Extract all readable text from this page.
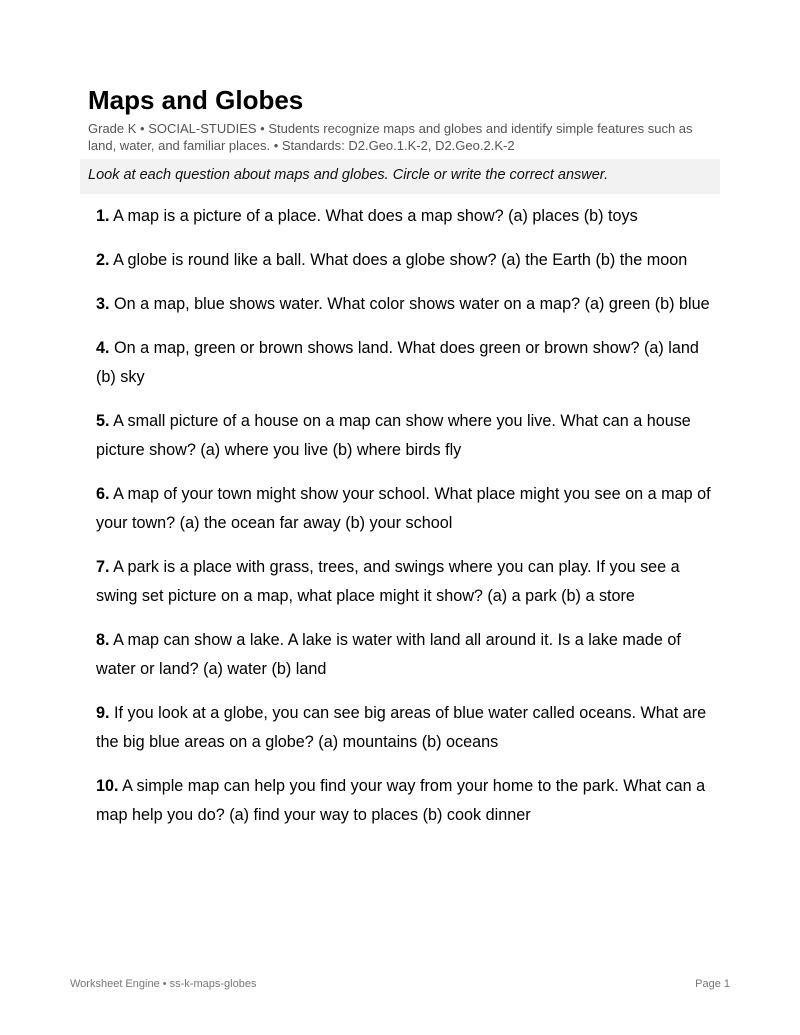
Maps and Globes
Grade K • SOCIAL-STUDIES • Students recognize maps and globes and identify simple features such as land, water, and familiar places. • Standards: D2.Geo.1.K-2, D2.Geo.2.K-2
Look at each question about maps and globes. Circle or write the correct answer.
1. A map is a picture of a place. What does a map show? (a) places (b) toys
2. A globe is round like a ball. What does a globe show? (a) the Earth (b) the moon
3. On a map, blue shows water. What color shows water on a map? (a) green (b) blue
4. On a map, green or brown shows land. What does green or brown show? (a) land (b) sky
5. A small picture of a house on a map can show where you live. What can a house picture show? (a) where you live (b) where birds fly
6. A map of your town might show your school. What place might you see on a map of your town? (a) the ocean far away (b) your school
7. A park is a place with grass, trees, and swings where you can play. If you see a swing set picture on a map, what place might it show? (a) a park (b) a store
8. A map can show a lake. A lake is water with land all around it. Is a lake made of water or land? (a) water (b) land
9. If you look at a globe, you can see big areas of blue water called oceans. What are the big blue areas on a globe? (a) mountains (b) oceans
10. A simple map can help you find your way from your home to the park. What can a map help you do? (a) find your way to places (b) cook dinner
Worksheet Engine • ss-k-maps-globes	Page 1
